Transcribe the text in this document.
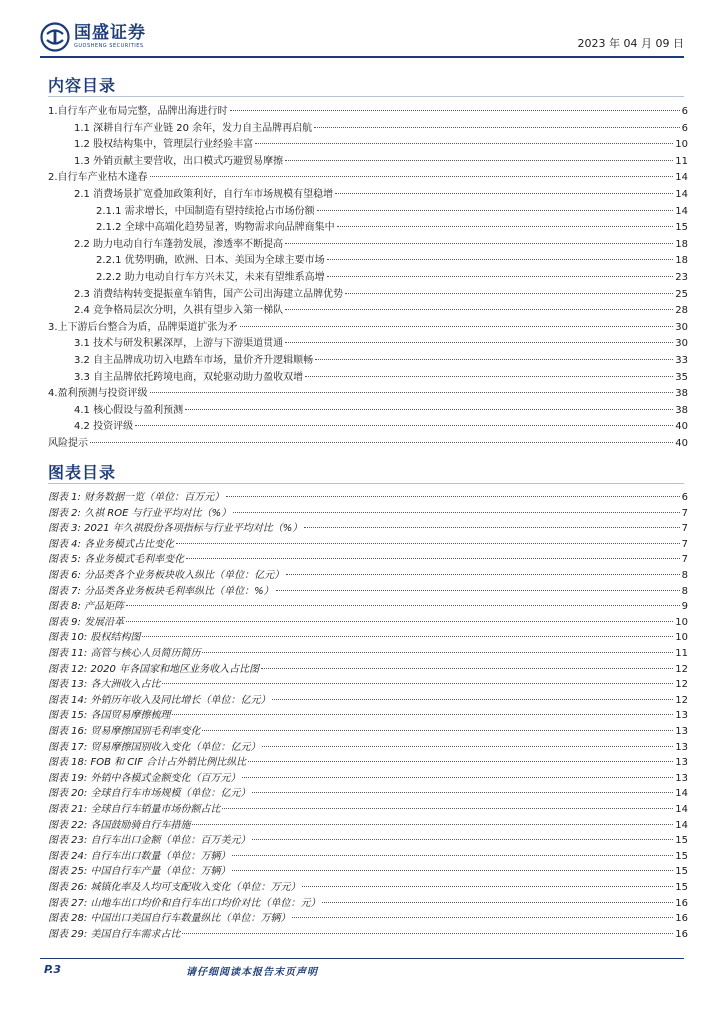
国盛证券
GUOSHENG SECURITIES	2023 年 04 月 09 日
内容目录
1.自行车产业布局完整，品牌出海进行时	6
1.1 深耕自行车产业链 20 余年，发力自主品牌再启航	6
1.2 股权结构集中，管理层行业经验丰富	10
1.3 外销贡献主要营收，出口模式巧避贸易摩擦	11
2.自行车产业枯木逢春	14
2.1 消费场景扩宽叠加政策利好，自行车市场规模有望稳增	14
2.1.1 需求增长，中国制造有望持续抢占市场份额	14
2.1.2 全球中高端化趋势显著，购物需求向品牌商集中	15
2.2 助力电动自行车蓬勃发展，渗透率不断提高	18
2.2.1 优势明确，欧洲、日本、美国为全球主要市场	18
2.2.2 助力电动自行车方兴未艾，未来有望维系高增	23
2.3 消费结构转变提振童车销售，国产公司出海建立品牌优势	25
2.4 竞争格局层次分明，久祺有望步入第一梯队	28
3.上下游后台整合为盾，品牌渠道扩张为矛	30
3.1 技术与研发积累深厚，上游与下游渠道贯通	30
3.2 自主品牌成功切入电踏车市场，量价齐升逻辑顺畅	33
3.3 自主品牌依托跨境电商，双轮驱动助力盈收双增	35
4.盈利预测与投资评级	38
4.1 核心假设与盈利预测	38
4.2 投资评级	40
风险提示	40
图表目录
图表 1: 财务数据一览（单位：百万元）	6
图表 2: 久祺 ROE 与行业平均对比（%）	7
图表 3: 2021 年久祺股份各项指标与行业平均对比（%）	7
图表 4: 各业务模式占比变化	7
图表 5: 各业务模式毛利率变化	7
图表 6: 分品类各个业务板块收入纵比（单位：亿元）	8
图表 7: 分品类各业务板块毛利率纵比（单位：%）	8
图表 8: 产品矩阵	9
图表 9: 发展沿革	10
图表 10: 股权结构图	10
图表 11: 高管与核心人员简历简历	11
图表 12: 2020 年各国家和地区业务收入占比图	12
图表 13: 各大洲收入占比	12
图表 14: 外销历年收入及同比增长（单位：亿元）	12
图表 15: 各国贸易摩擦梳理	13
图表 16: 贸易摩擦国别毛利率变化	13
图表 17: 贸易摩擦国别收入变化（单位：亿元）	13
图表 18: FOB 和 CIF 合计占外销比例比纵比	13
图表 19: 外销中各模式金额变化（百万元）	13
图表 20: 全球自行车市场规模（单位：亿元）	14
图表 21: 全球自行车销量市场份额占比	14
图表 22: 各国鼓励骑自行车措施	14
图表 23: 自行车出口金额（单位：百万美元）	15
图表 24: 自行车出口数量（单位：万辆）	15
图表 25: 中国自行车产量（单位：万辆）	15
图表 26: 城镇化率及人均可支配收入变化（单位：万元）	15
图表 27: 山地车出口均价和自行车出口均价对比（单位：元）	16
图表 28: 中国出口美国自行车数量纵比（单位：万辆）	16
图表 29: 美国自行车需求占比	16
P.3	请仔细阅读本报告末页声明
